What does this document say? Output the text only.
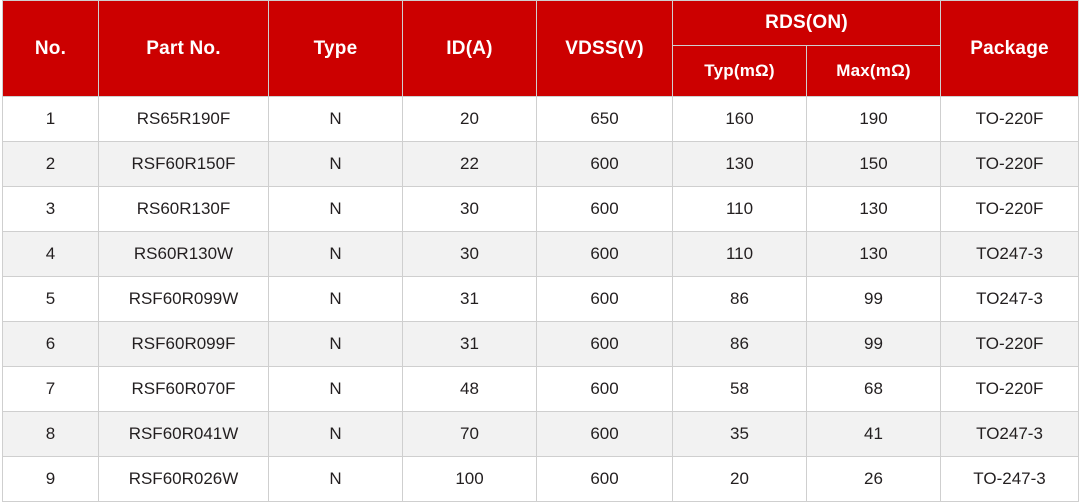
No.	Part No.	Type	ID(A)	VDSS(V)	RDS(ON)		Package
					Typ(mΩ)	Max(mΩ)	
1	RS65R190F	N	20	650	160	190	TO-220F
2	RSF60R150F	N	22	600	130	150	TO-220F
3	RS60R130F	N	30	600	110	130	TO-220F
4	RS60R130W	N	30	600	110	130	TO247-3
5	RSF60R099W	N	31	600	86	99	TO247-3
6	RSF60R099F	N	31	600	86	99	TO-220F
7	RSF60R070F	N	48	600	58	68	TO-220F
8	RSF60R041W	N	70	600	35	41	TO247-3
9	RSF60R026W	N	100	600	20	26	TO-247-3
